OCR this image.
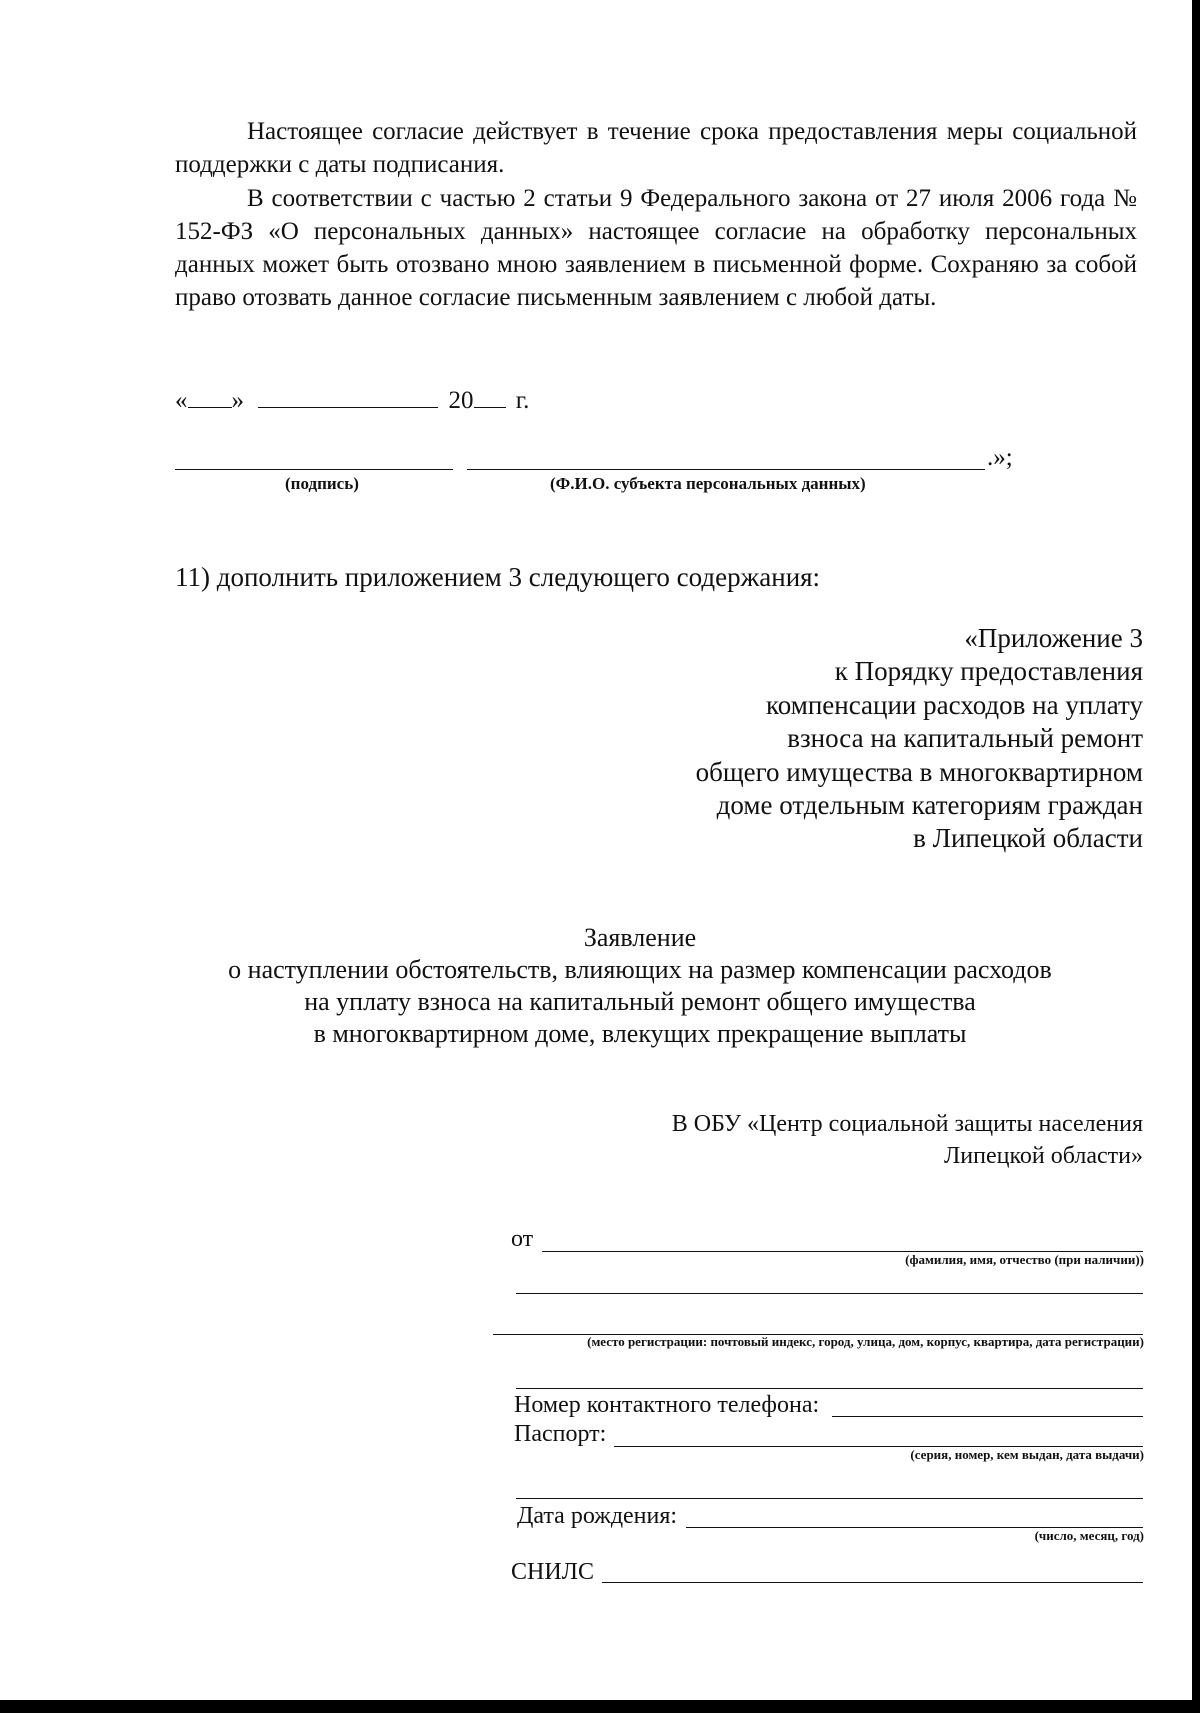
Настоящее согласие действует в течение срока предоставления меры социальной поддержки с даты подписания.

В соответствии с частью 2 статьи 9 Федерального закона от 27 июля 2006 года № 152-ФЗ «О персональных данных» настоящее согласие на обработку персональных данных может быть отозвано мною заявлением в письменной форме. Сохраняю за собой право отозвать данное согласие письменным заявлением с любой даты.

« »	20 г.
.»;
(подпись)	(Ф.И.О. субъекта персональных данных)
11) дополнить приложением 3 следующего содержания:
«Приложение 3
к Порядку предоставления
компенсации расходов на уплату
взноса на капитальный ремонт
общего имущества в многоквартирном
доме отдельным категориям граждан
в Липецкой области
Заявление
о наступлении обстоятельств, влияющих на размер компенсации расходов
на уплату взноса на капитальный ремонт общего имущества
в многоквартирном доме, влекущих прекращение выплаты
В ОБУ «Центр социальной защиты населения
Липецкой области»
от
(фамилия, имя, отчество (при наличии))
(место регистрации: почтовый индекс, город, улица, дом, корпус, квартира, дата регистрации)
Номер контактного телефона:
Паспорт:
(серия, номер, кем выдан, дата выдачи)
Дата рождения:
(число, месяц, год)
СНИЛС
